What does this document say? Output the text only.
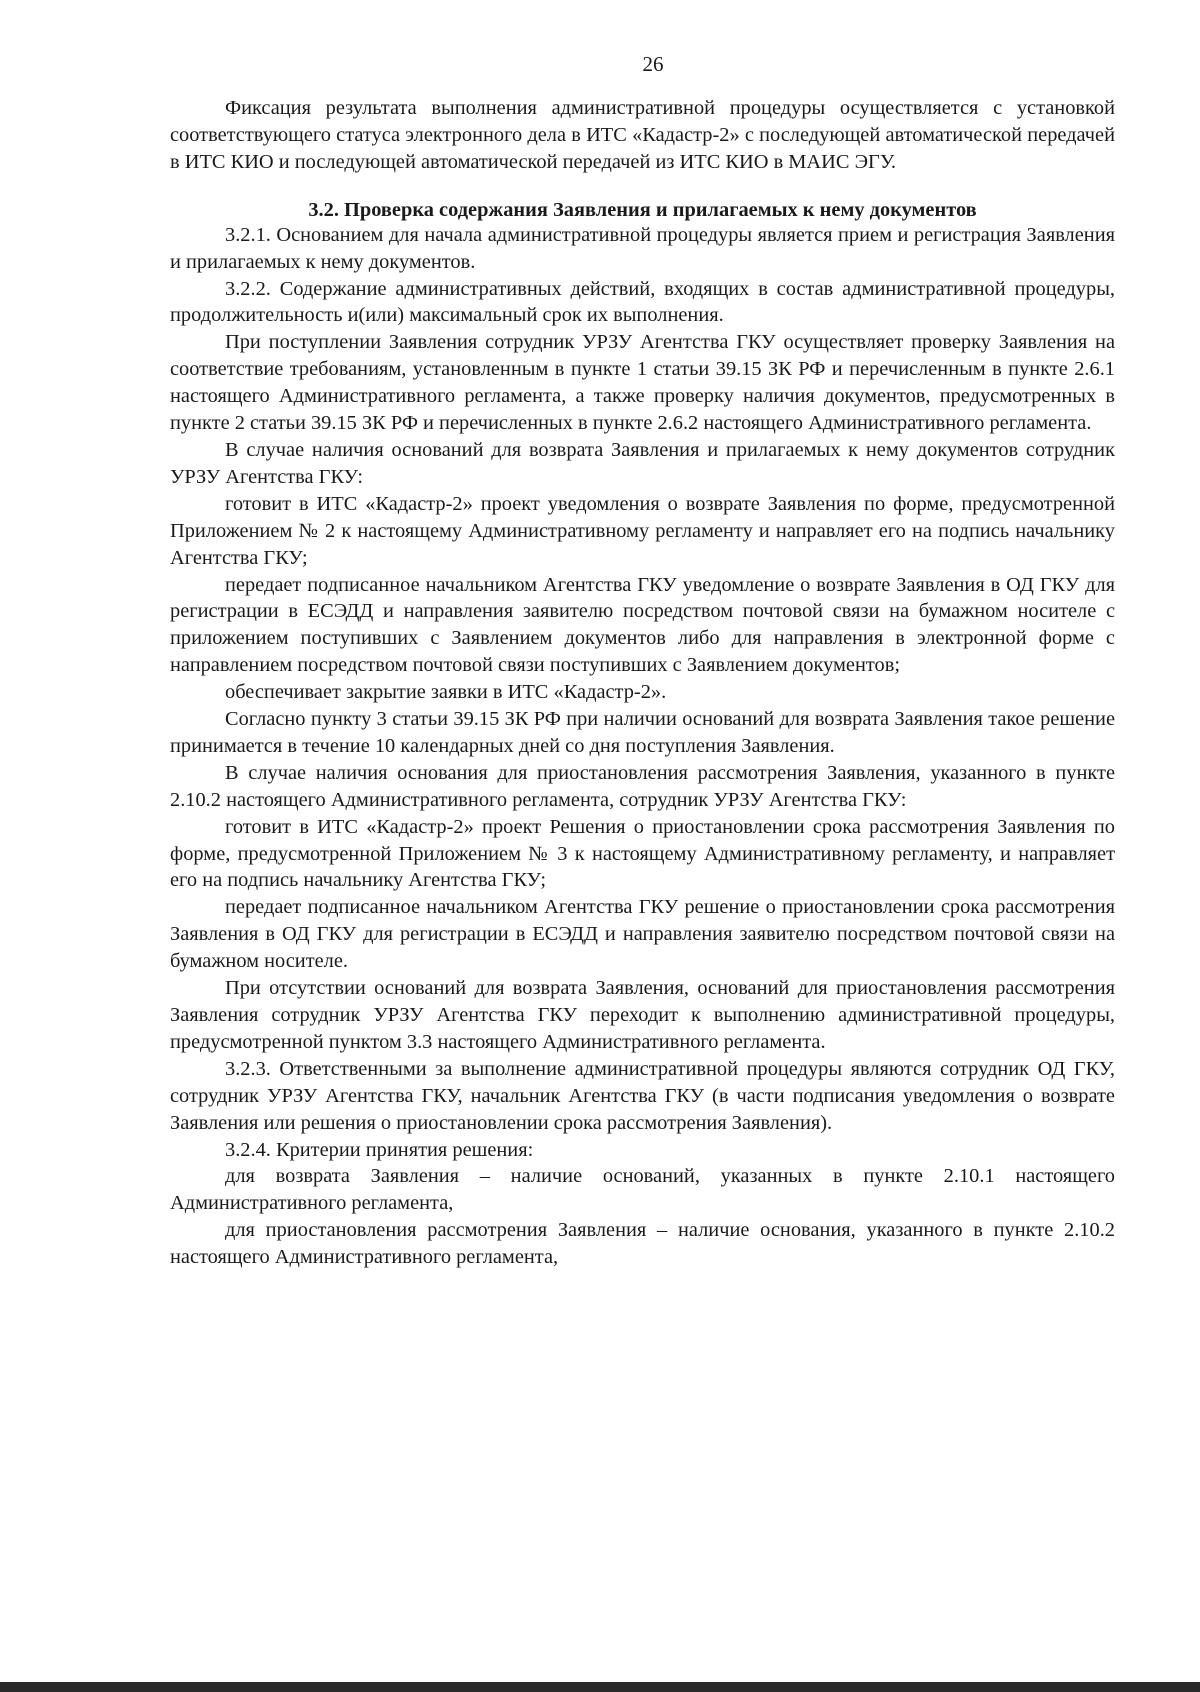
26

Фиксация результата выполнения административной процедуры осуществляется с установкой соответствующего статуса электронного дела в ИТС «Кадастр-2» с последующей автоматической передачей в ИТС КИО и последующей автоматической передачей из ИТС КИО в МАИС ЭГУ.

3.2. Проверка содержания Заявления и прилагаемых к нему документов

3.2.1. Основанием для начала административной процедуры является прием и регистрация Заявления и прилагаемых к нему документов.

3.2.2. Содержание административных действий, входящих в состав административной процедуры, продолжительность и(или) максимальный срок их выполнения.

При поступлении Заявления сотрудник УРЗУ Агентства ГКУ осуществляет проверку Заявления на соответствие требованиям, установленным в пункте 1 статьи 39.15 ЗК РФ и перечисленным в пункте 2.6.1 настоящего Административного регламента, а также проверку наличия документов, предусмотренных в пункте 2 статьи 39.15 ЗК РФ и перечисленных в пункте 2.6.2 настоящего Административного регламента.

В случае наличия оснований для возврата Заявления и прилагаемых к нему документов сотрудник УРЗУ Агентства ГКУ:

готовит в ИТС «Кадастр-2» проект уведомления о возврате Заявления по форме, предусмотренной Приложением № 2 к настоящему Административному регламенту и направляет его на подпись начальнику Агентства ГКУ;

передает подписанное начальником Агентства ГКУ уведомление о возврате Заявления в ОД ГКУ для регистрации в ЕСЭДД и направления заявителю посредством почтовой связи на бумажном носителе с приложением поступивших с Заявлением документов либо для направления в электронной форме с направлением посредством почтовой связи поступивших с Заявлением документов;

обеспечивает закрытие заявки в ИТС «Кадастр-2».

Согласно пункту 3 статьи 39.15 ЗК РФ при наличии оснований для возврата Заявления такое решение принимается в течение 10 календарных дней со дня поступления Заявления.

В случае наличия основания для приостановления рассмотрения Заявления, указанного в пункте 2.10.2 настоящего Административного регламента, сотрудник УРЗУ Агентства ГКУ:

готовит в ИТС «Кадастр-2» проект Решения о приостановлении срока рассмотрения Заявления по форме, предусмотренной Приложением № 3 к настоящему Административному регламенту, и направляет его на подпись начальнику Агентства ГКУ;

передает подписанное начальником Агентства ГКУ решение о приостановлении срока рассмотрения Заявления в ОД ГКУ для регистрации в ЕСЭДД и направления заявителю посредством почтовой связи на бумажном носителе.

При отсутствии оснований для возврата Заявления, оснований для приостановления рассмотрения Заявления сотрудник УРЗУ Агентства ГКУ переходит к выполнению административной процедуры, предусмотренной пунктом 3.3 настоящего Административного регламента.

3.2.3. Ответственными за выполнение административной процедуры являются сотрудник ОД ГКУ, сотрудник УРЗУ Агентства ГКУ, начальник Агентства ГКУ (в части подписания уведомления о возврате Заявления или решения о приостановлении срока рассмотрения Заявления).

3.2.4. Критерии принятия решения:

для возврата Заявления – наличие оснований, указанных в пункте 2.10.1 настоящего Административного регламента,

для приостановления рассмотрения Заявления – наличие основания, указанного в пункте 2.10.2 настоящего Административного регламента,
